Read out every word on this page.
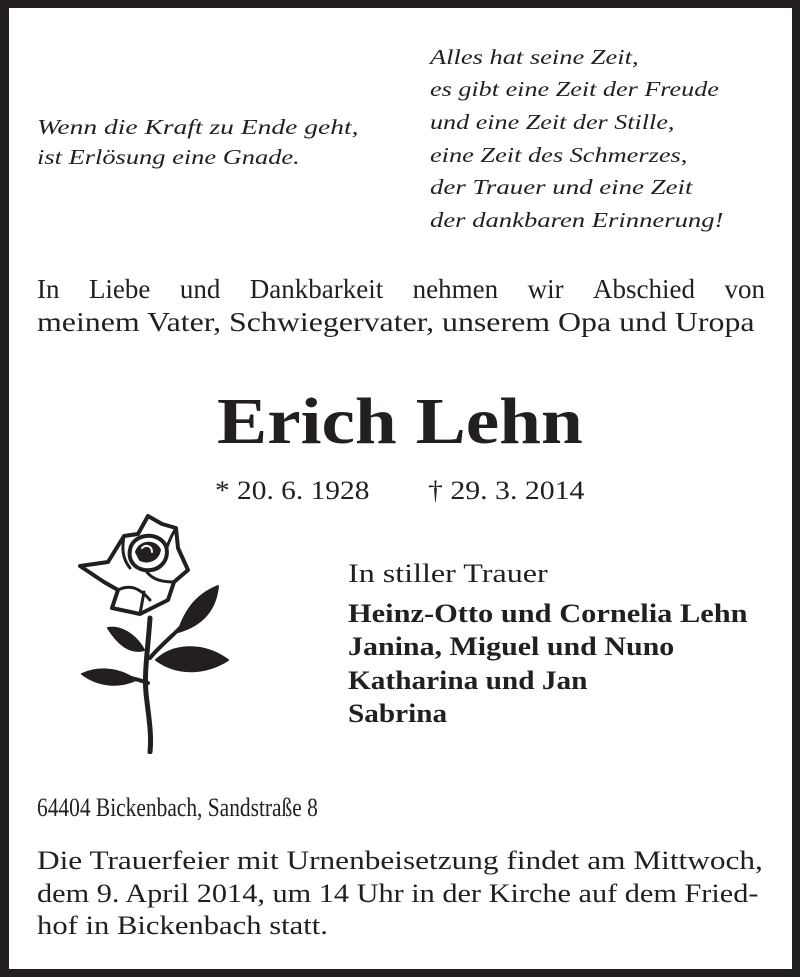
Wenn die Kraft zu Ende geht,
ist Erlösung eine Gnade.
Alles hat seine Zeit,
es gibt eine Zeit der Freude
und eine Zeit der Stille,
eine Zeit des Schmerzes,
der Trauer und eine Zeit
der dankbaren Erinnerung!
In Liebe und Dankbarkeit nehmen wir Abschied von
meinem Vater, Schwiegervater, unserem Opa und Uropa
Erich Lehn
* 20. 6. 1928 † 29. 3. 2014
In stiller Trauer
Heinz-Otto und Cornelia Lehn
Janina, Miguel und Nuno
Katharina und Jan
Sabrina
64404 Bickenbach, Sandstraße 8
Die Trauerfeier mit Urnenbeisetzung findet am Mittwoch,
dem 9. April 2014, um 14 Uhr in der Kirche auf dem Fried-
hof in Bickenbach statt.
